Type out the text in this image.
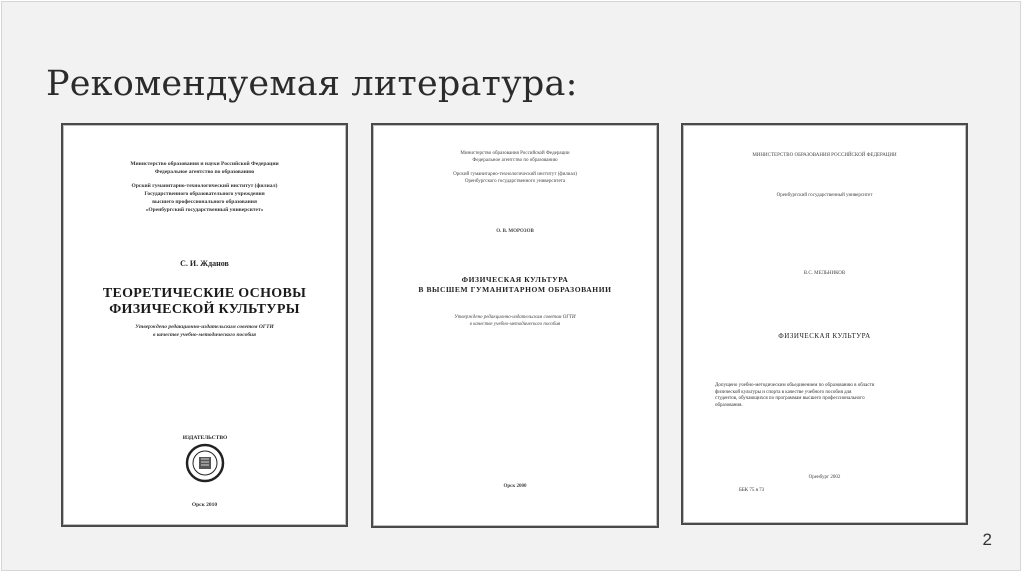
Рекомендуемая литература:
Министерство образования и науки Российской Федерации
Федеральное агентство по образованию
Орский гуманитарно-технологический институт (филиал)
Государственного образовательного учреждения
высшего профессионального образования
«Оренбургский государственный университет»
С. И. Жданов
ТЕОРЕТИЧЕСКИЕ ОСНОВЫ
ФИЗИЧЕСКОЙ КУЛЬТУРЫ
Утверждено редакционно-издательским советом ОГТИ
в качестве учебно-методического пособия
ИЗДАТЕЛЬСТВО
Орск 2010
Министерство образования Российской Федерации
Федеральное агентство по образованию
Орский гуманитарно-технологический институт (филиал)
Оренбургского государственного университета
О. В. МОРОЗОВ
ФИЗИЧЕСКАЯ КУЛЬТУРА
В ВЫСШЕМ ГУМАНИТАРНОМ ОБРАЗОВАНИИ
Утверждено редакционно-издательским советом ОГТИ
в качестве учебно-методического пособия
Орск 2000
МИНИСТЕРСТВО ОБРАЗОВАНИЯ РОССИЙСКОЙ ФЕДЕРАЦИИ
Оренбургский государственный университет
В.С. МЕЛЬНИКОВ
ФИЗИЧЕСКАЯ КУЛЬТУРА
Допущено учебно-методическим объединением по образованию в области
физической культуры и спорта в качестве учебного пособия для
студентов, обучающихся по программам высшего профессионального
образования.
Оренбург 2002
ББК 75 я 73
2
